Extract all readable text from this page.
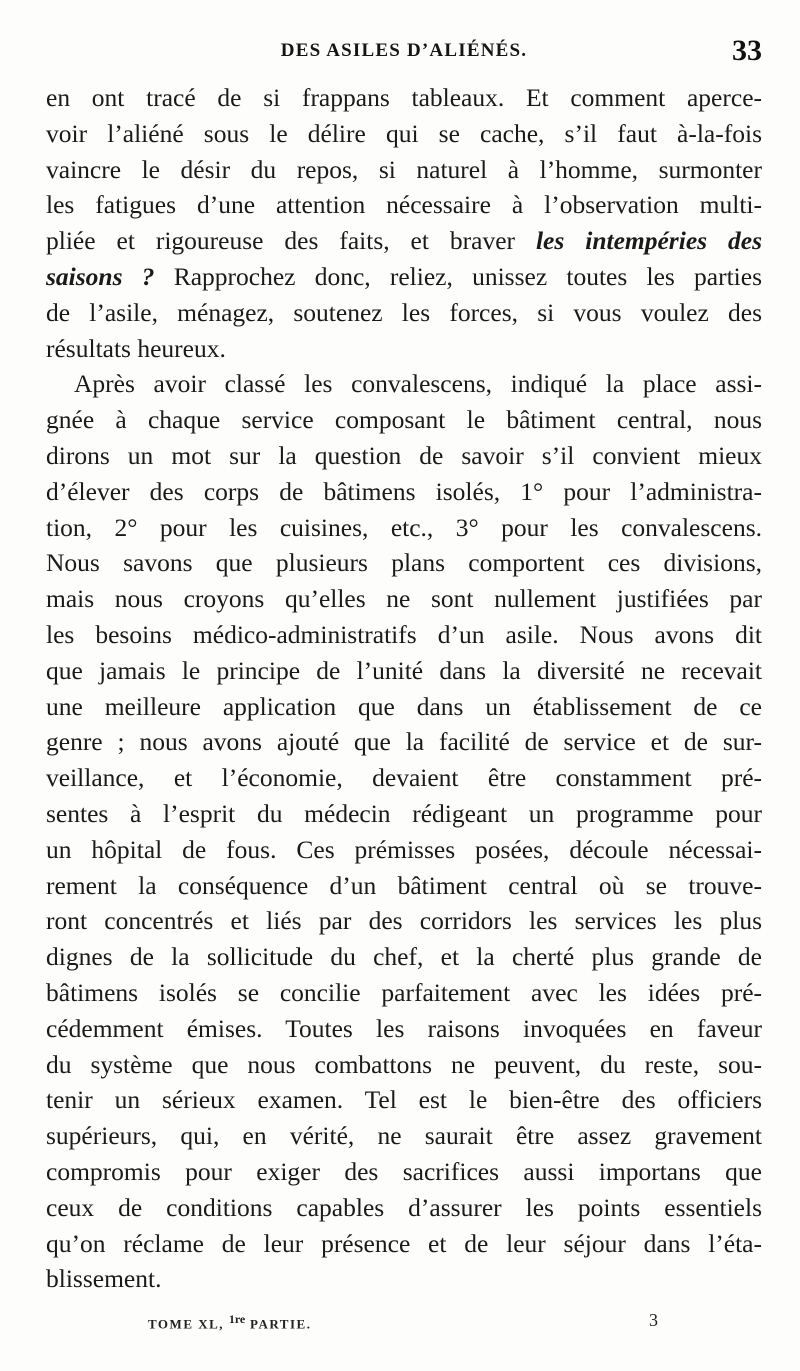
DES ASILES D’ALIÉNÉS.	33
en ont tracé de si frappans tableaux. Et comment aperce-
voir l’aliéné sous le délire qui se cache, s’il faut à-la-fois
vaincre le désir du repos, si naturel à l’homme, surmonter
les fatigues d’une attention nécessaire à l’observation multi-
pliée et rigoureuse des faits, et braver les intempéries des
saisons ? Rapprochez donc, reliez, unissez toutes les parties
de l’asile, ménagez, soutenez les forces, si vous voulez des
résultats heureux.
Après avoir classé les convalescens, indiqué la place assi-
gnée à chaque service composant le bâtiment central, nous
dirons un mot sur la question de savoir s’il convient mieux
d’élever des corps de bâtimens isolés, 1° pour l’administra-
tion, 2° pour les cuisines, etc., 3° pour les convalescens.
Nous savons que plusieurs plans comportent ces divisions,
mais nous croyons qu’elles ne sont nullement justifiées par
les besoins médico-administratifs d’un asile. Nous avons dit
que jamais le principe de l’unité dans la diversité ne recevait
une meilleure application que dans un établissement de ce
genre ; nous avons ajouté que la facilité de service et de sur-
veillance, et l’économie, devaient être constamment pré-
sentes à l’esprit du médecin rédigeant un programme pour
un hôpital de fous. Ces prémisses posées, découle nécessai-
rement la conséquence d’un bâtiment central où se trouve-
ront concentrés et liés par des corridors les services les plus
dignes de la sollicitude du chef, et la cherté plus grande de
bâtimens isolés se concilie parfaitement avec les idées pré-
cédemment émises. Toutes les raisons invoquées en faveur
du système que nous combattons ne peuvent, du reste, sou-
tenir un sérieux examen. Tel est le bien-être des officiers
supérieurs, qui, en vérité, ne saurait être assez gravement
compromis pour exiger des sacrifices aussi importans que
ceux de conditions capables d’assurer les points essentiels
qu’on réclame de leur présence et de leur séjour dans l’éta-
blissement.
TOME XL, 1re PARTIE.	3
